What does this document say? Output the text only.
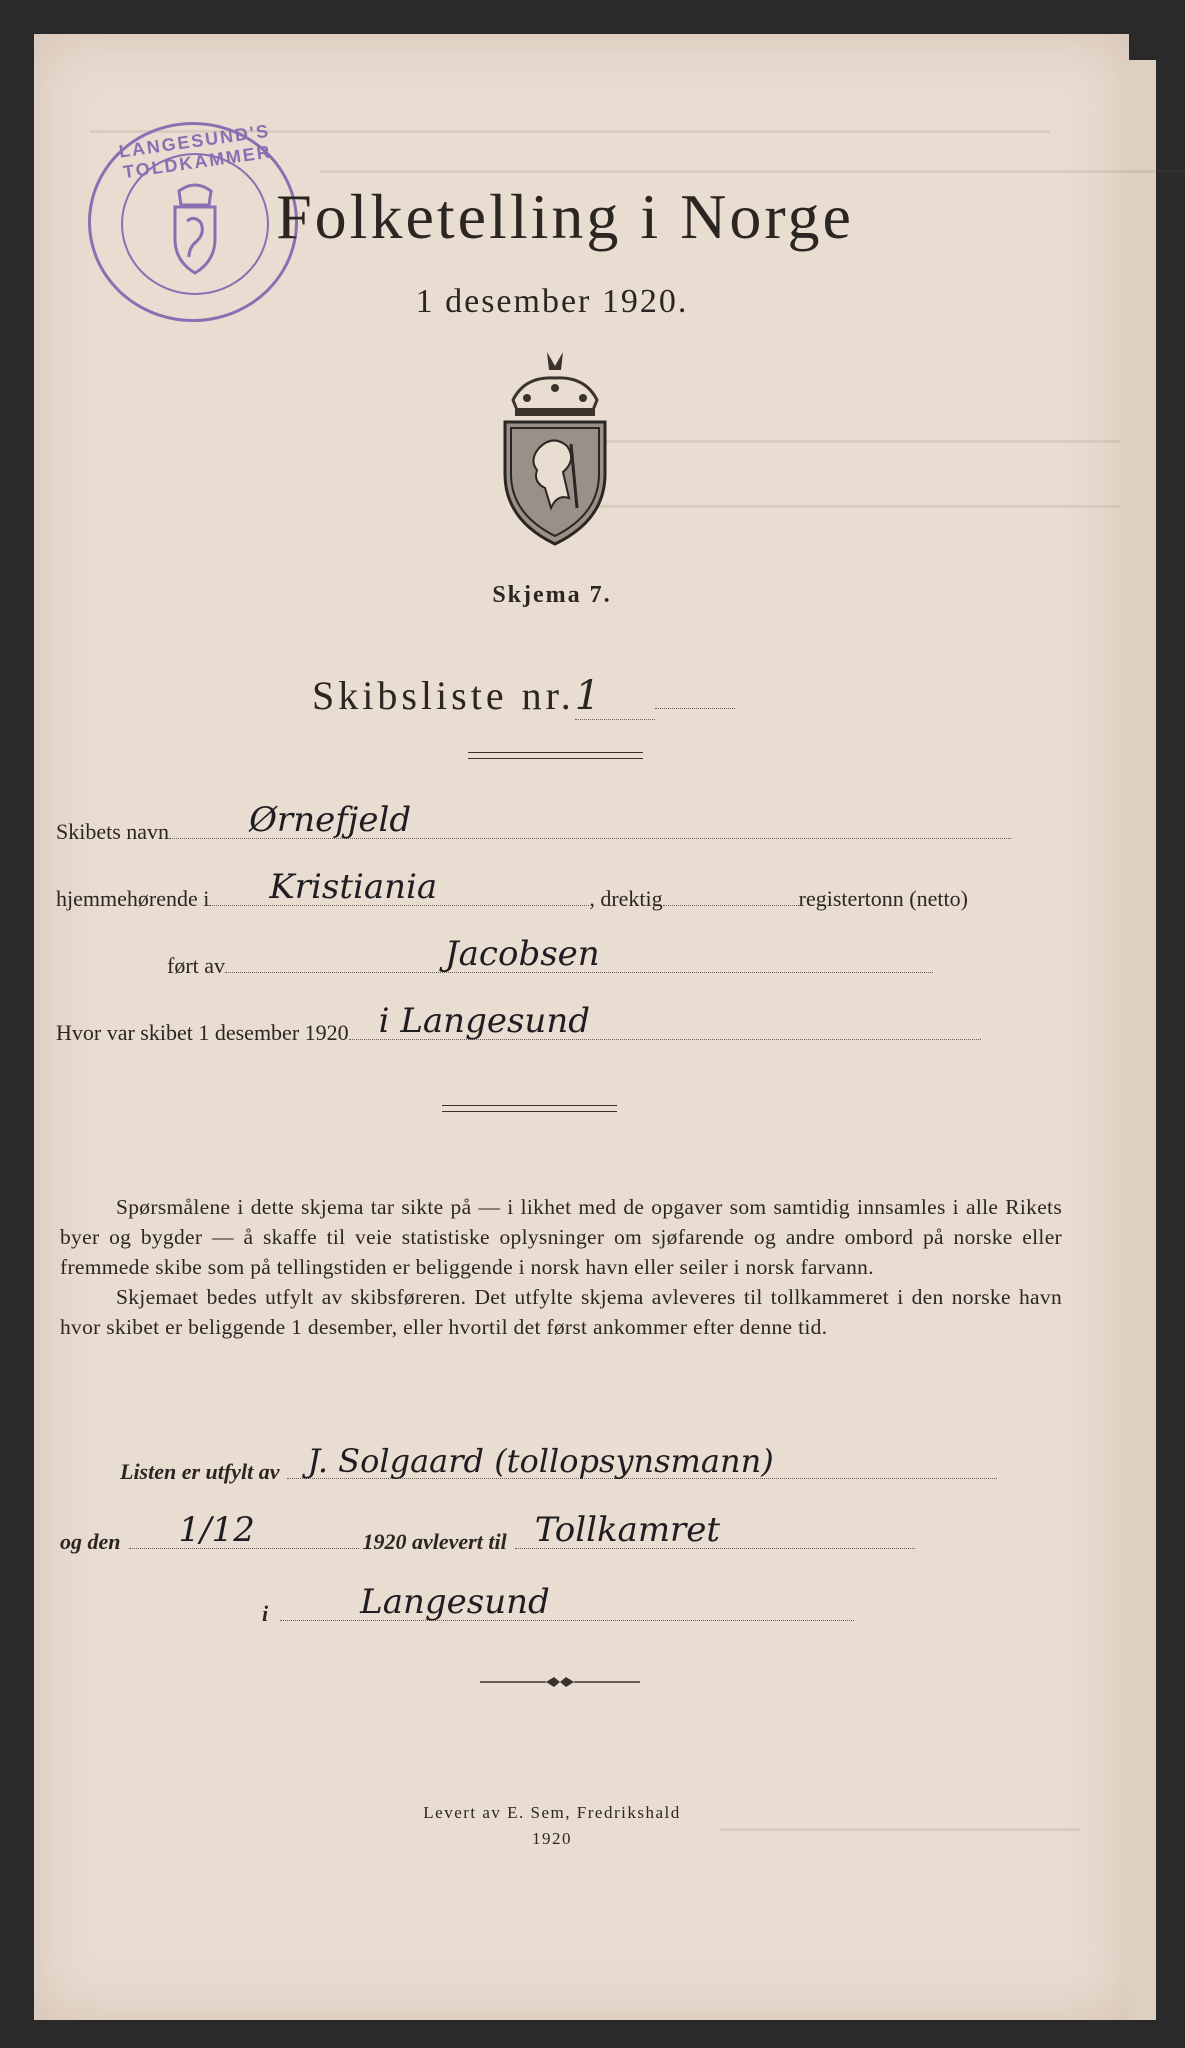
LANGESUND'S TOLDKAMMER
Folketelling i Norge
1 desember 1920.
Skjema 7.
Skibsliste nr.1
Skibets navn Ørnefjeld
hjemmehørende i Kristiania	, drektig	registertonn (netto)
ført av	Jacobsen
Hvor var skibet 1 desember 1920 i Langesund

Spørsmålene i dette skjema tar sikte på — i likhet med de opgaver som samtidig innsamles i alle Rikets byer og bygder — å skaffe til veie statistiske oplysninger om sjøfarende og andre ombord på norske eller fremmede skibe som på tellingstiden er beliggende i norsk havn eller seiler i norsk farvann.

Skjemaet bedes utfylt av skibsføreren. Det utfylte skjema avleveres til tollkammeret i den norske havn hvor skibet er beliggende 1 desember, eller hvortil det først ankommer efter denne tid.

Listen er utfylt av J. Solgaard (tollopsynsmann)
og den 1/12	1920 avlevert til Tollkamret
i	Langesund
Levert av E. Sem, Fredrikshald
1920
